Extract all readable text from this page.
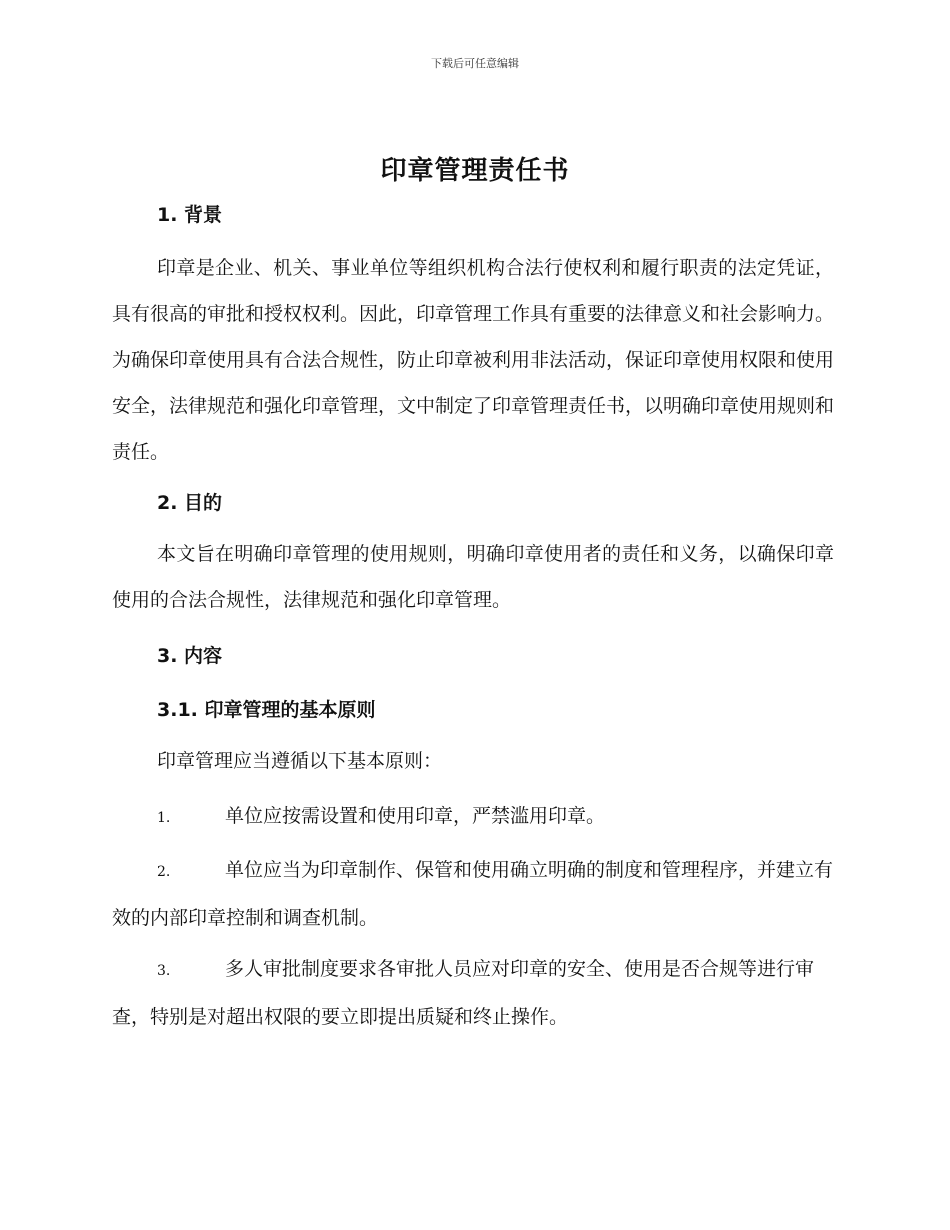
下载后可任意编辑
印章管理责任书
1. 背景

印章是企业、机关、事业单位等组织机构合法行使权利和履行职责的法定凭证，具有很高的审批和授权权利。因此，印章管理工作具有重要的法律意义和社会影响力。为确保印章使用具有合法合规性，防止印章被利用非法活动，保证印章使用权限和使用安全，法律规范和强化印章管理，文中制定了印章管理责任书，以明确印章使用规则和责任。

2. 目的

本文旨在明确印章管理的使用规则，明确印章使用者的责任和义务，以确保印章使用的合法合规性，法律规范和强化印章管理。

3. 内容
3.1. 印章管理的基本原则

印章管理应当遵循以下基本原则：

1.	单位应按需设置和使用印章，严禁滥用印章。

2.	单位应当为印章制作、保管和使用确立明确的制度和管理程序，并建立有效的内部印章控制和调查机制。

3.	多人审批制度要求各审批人员应对印章的安全、使用是否合规等进行审查，特别是对超出权限的要立即提出质疑和终止操作。
